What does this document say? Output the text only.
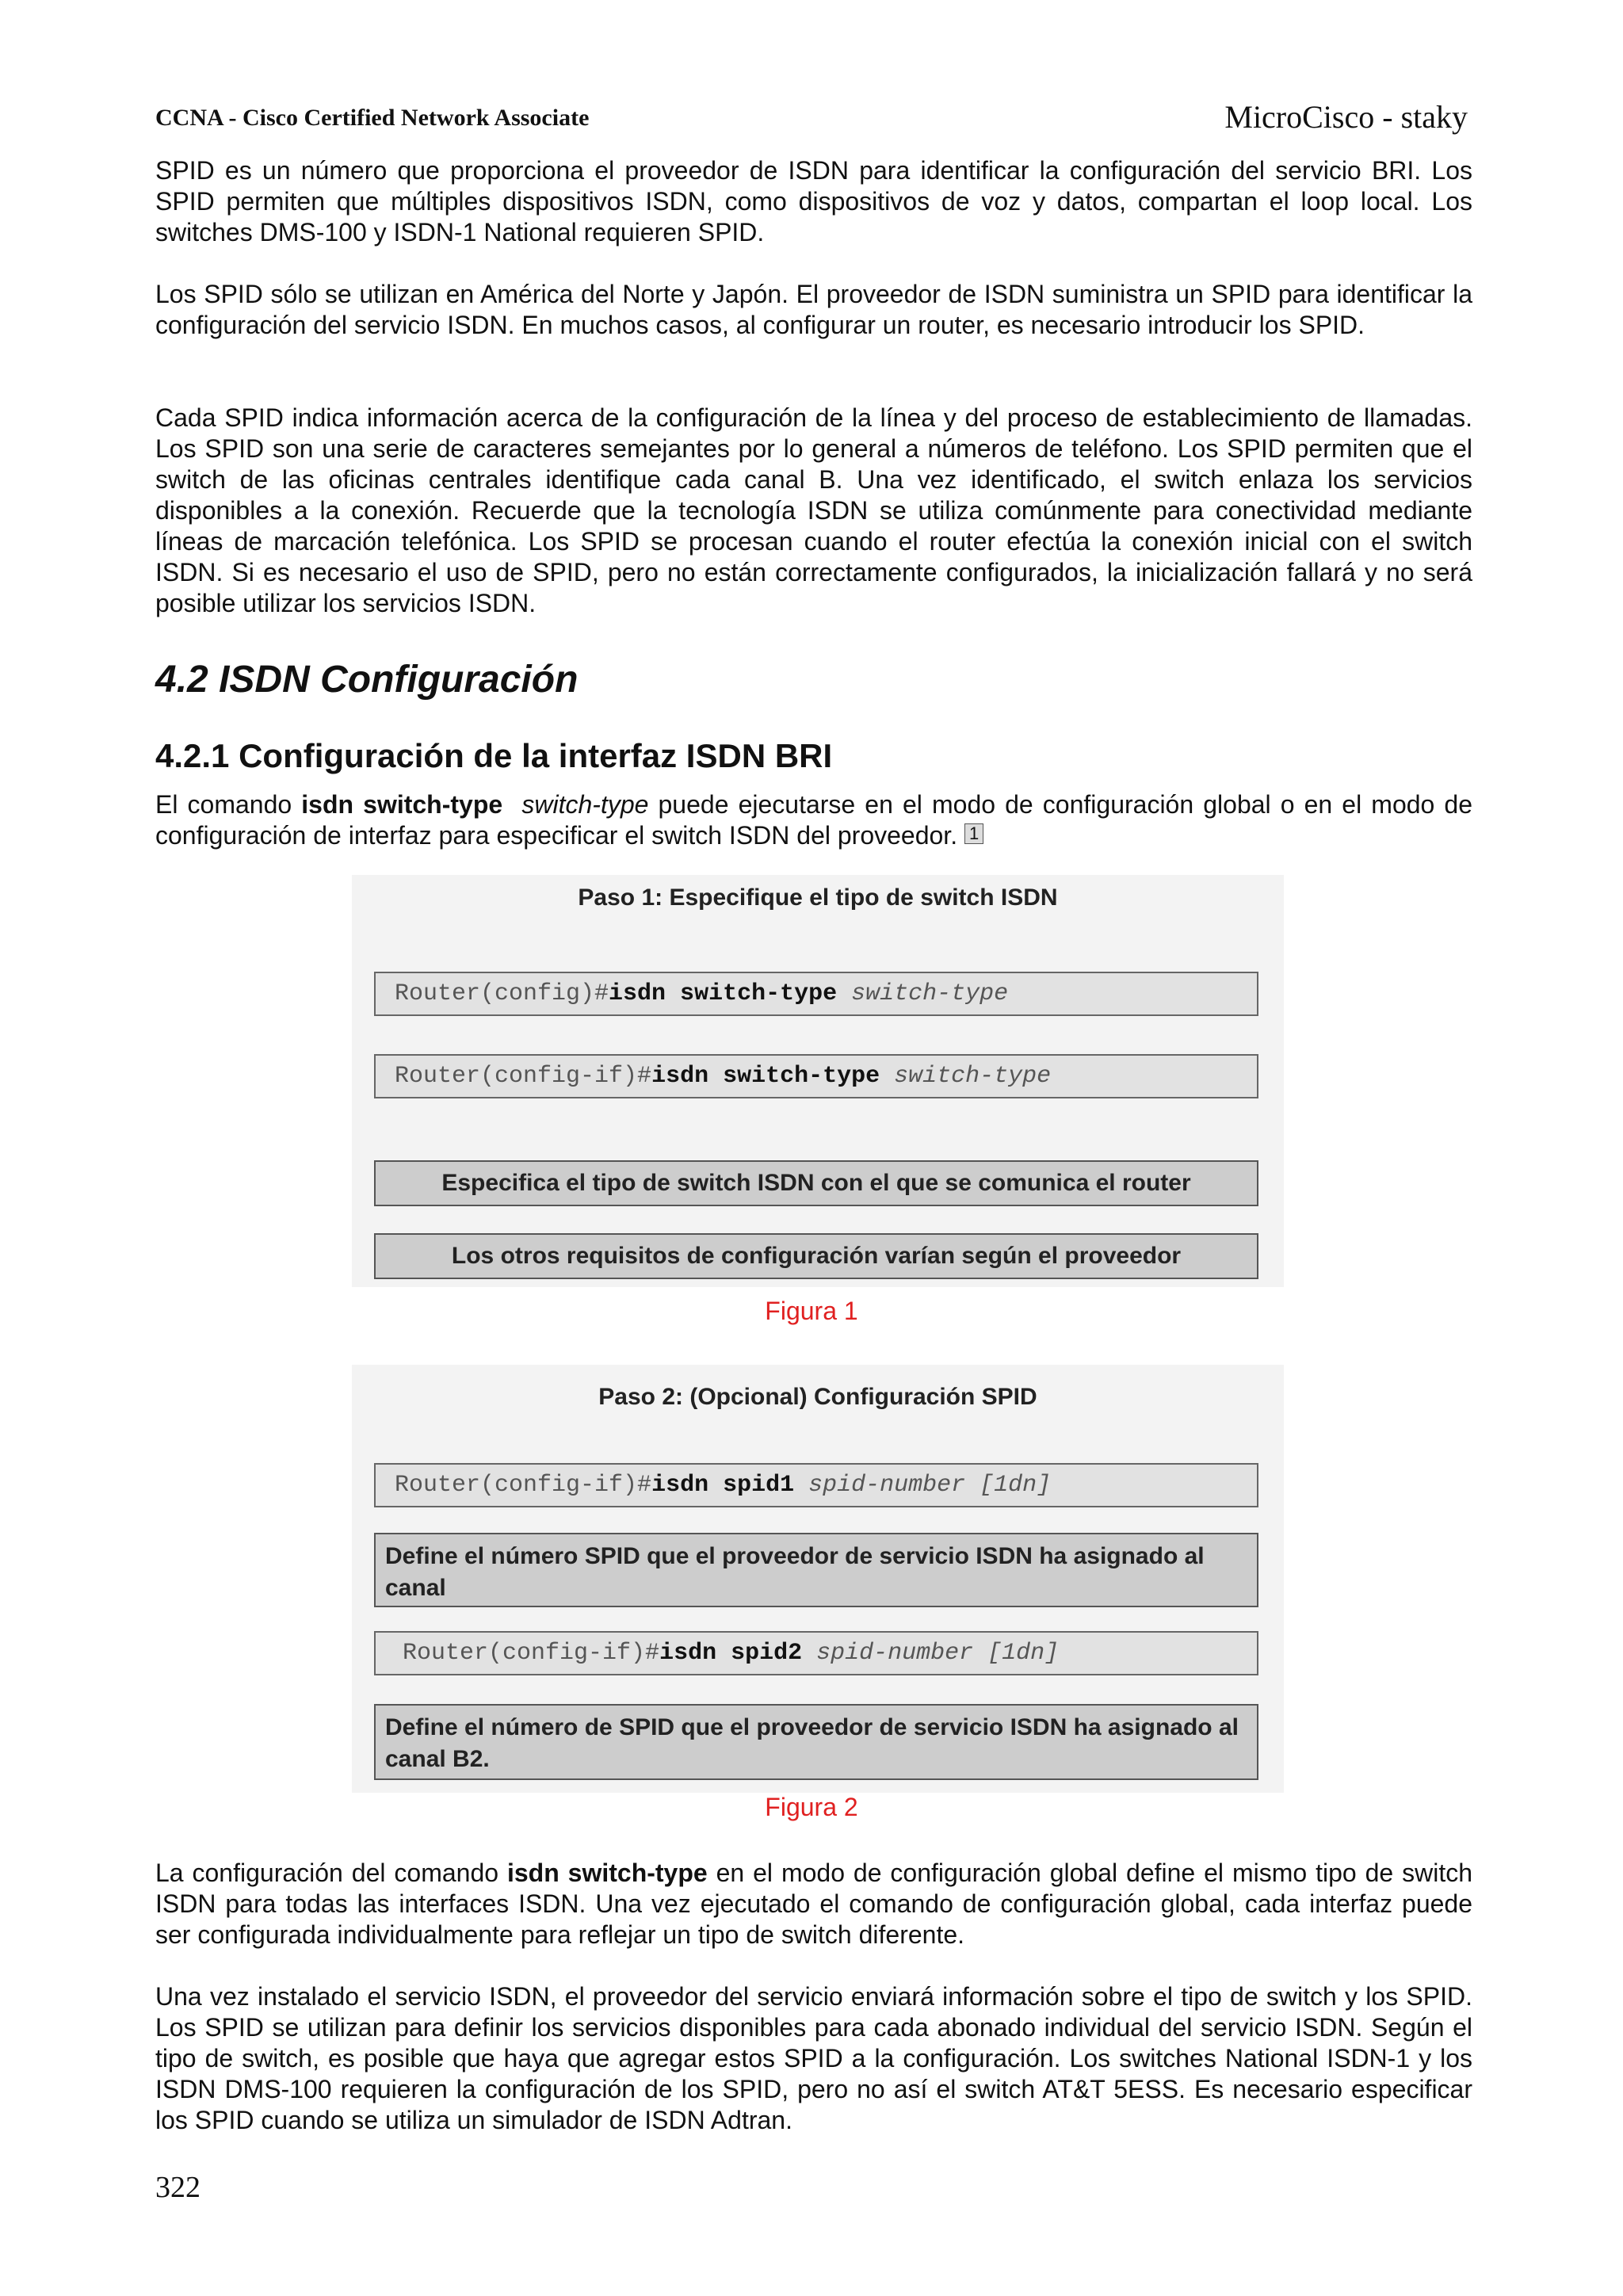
CCNA - Cisco Certified Network Associate	MicroCisco - staky

SPID es un número que proporciona el proveedor de ISDN para identificar la configuración del servicio BRI. Los SPID permiten que múltiples dispositivos ISDN, como dispositivos de voz y datos, compartan el loop local. Los switches DMS-100 y ISDN-1 National requieren SPID.

Los SPID sólo se utilizan en América del Norte y Japón. El proveedor de ISDN suministra un SPID para identificar la configuración del servicio ISDN. En muchos casos, al configurar un router, es necesario introducir los SPID.

Cada SPID indica información acerca de la configuración de la línea y del proceso de establecimiento de llamadas. Los SPID son una serie de caracteres semejantes por lo general a números de teléfono. Los SPID permiten que el switch de las oficinas centrales identifique cada canal B. Una vez identificado, el switch enlaza los servicios disponibles a la conexión. Recuerde que la tecnología ISDN se utiliza comúnmente para conectividad mediante líneas de marcación telefónica. Los SPID se procesan cuando el router efectúa la conexión inicial con el switch ISDN. Si es necesario el uso de SPID, pero no están correctamente configurados, la inicialización fallará y no será posible utilizar los servicios ISDN.

4.2 ISDN Configuración
4.2.1 Configuración de la interfaz ISDN BRI

El comando isdn switch-type switch-type puede ejecutarse en el modo de configuración global o en el modo de configuración de interfaz para especificar el switch ISDN del proveedor. 1

Paso 1: Especifique el tipo de switch ISDN
Router(config)#isdn switch-type switch-type
Router(config-if)#isdn switch-type switch-type
Especifica el tipo de switch ISDN con el que se comunica el router
Los otros requisitos de configuración varían según el proveedor
Figura 1
Paso 2: (Opcional) Configuración SPID
Router(config-if)#isdn spid1 spid-number [1dn]
Define el número SPID que el proveedor de servicio ISDN ha asignado al canal
Router(config-if)#isdn spid2 spid-number [1dn]
Define el número de SPID que el proveedor de servicio ISDN ha asignado al canal B2.
Figura 2

La configuración del comando isdn switch-type en el modo de configuración global define el mismo tipo de switch ISDN para todas las interfaces ISDN. Una vez ejecutado el comando de configuración global, cada interfaz puede ser configurada individualmente para reflejar un tipo de switch diferente.

Una vez instalado el servicio ISDN, el proveedor del servicio enviará información sobre el tipo de switch y los SPID. Los SPID se utilizan para definir los servicios disponibles para cada abonado individual del servicio ISDN. Según el tipo de switch, es posible que haya que agregar estos SPID a la configuración. Los switches National ISDN-1 y los ISDN DMS-100 requieren la configuración de los SPID, pero no así el switch AT&T 5ESS. Es necesario especificar los SPID cuando se utiliza un simulador de ISDN Adtran.

322
